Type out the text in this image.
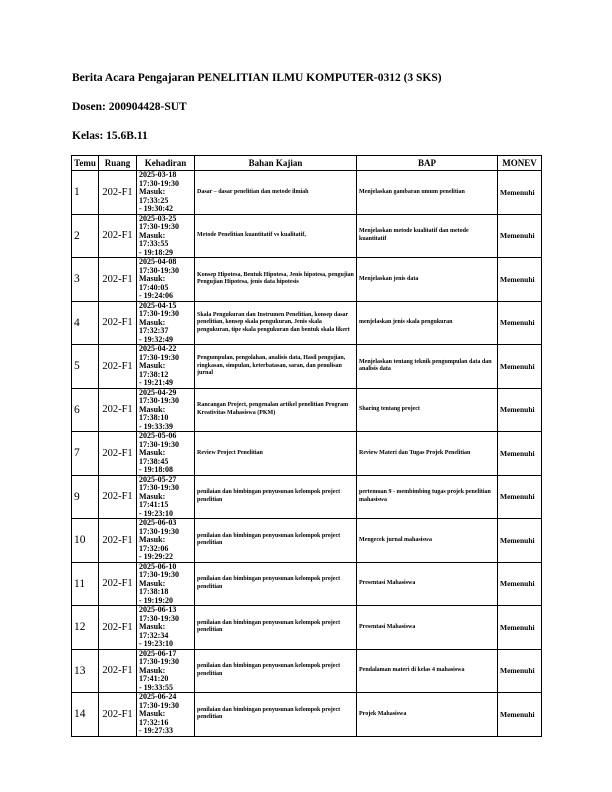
Berita Acara Pengajaran PENELITIAN ILMU KOMPUTER-0312 (3 SKS)

Dosen: 200904428-SUT

Kelas: 15.6B.11

Temu	Ruang	Kehadiran	Bahan Kajian	BAP	MONEV
1	202-F1	2025-03-18
17:30-19:30
Masuk: 17:33:25
- 19:30:42	Dasar – dasar penelitian dan metode ilmiah	Menjelaskan gambaran umum penelitian	Memenuhi
2	202-F1	2025-03-25
17:30-19:30
Masuk: 17:33:55
- 19:18:29	Metode Penelitian kuantitatif vs kualitatif,	Menjelaskan metode kualitatif dan metode kuantitatif	Memenuhi
3	202-F1	2025-04-08
17:30-19:30
Masuk: 17:40:05
- 19:24:06	Konsep Hipotesa, Bentuk Hipotesa, Jenis hipotesa, pengujian Pengujian Hipotesa, jenis data hipotesis	Menjelaskan jenis data	Memenuhi
4	202-F1	2025-04-15
17:30-19:30
Masuk: 17:32:37
- 19:32:49	Skala Pengukuran dan Instrumen Penelitian, konsep dasar penelitian, konsep skala pengukuran, Jenis skala pengukuran, tipe skala pengukuran dan bentuk skala likert	menjelaskan jenis skala pengukuran	Memenuhi
5	202-F1	2025-04-22
17:30-19:30
Masuk: 17:38:12
- 19:21:49	Pengumpulan, pengolahan, analisis data, Hasil pengujian, ringkasan, simpulan, keterbatasan, saran, dan penulisan jurnal	Menjelaskan tentang teknik pengumpulan data dan analisis data	Memenuhi
6	202-F1	2025-04-29
17:30-19:30
Masuk: 17:38:10
- 19:33:39	Rancangan Project, pengenalan artikel penelitian Program Kreativitas Mahasiswa (PKM)	Sharing tentang project	Memenuhi
7	202-F1	2025-05-06
17:30-19:30
Masuk: 17:38:45
- 19:18:08	Review Project Penelitian	Review Materi dan Tugas Projek Penelitian	Memenuhi
9	202-F1	2025-05-27
17:30-19:30
Masuk: 17:41:15
- 19:23:10	penilaian dan bimbingan penyusunan kelompok project penelitian	pertemuan 9 - membimbing tugas projek penelitian mahasiswa	Memenuhi
10	202-F1	2025-06-03
17:30-19:30
Masuk: 17:32:06
- 19:29:22	penilaian dan bimbingan penyusunan kelompok project penelitian	Mengecek jurnal mahasiswa	Memenuhi
11	202-F1	2025-06-10
17:30-19:30
Masuk: 17:38:18
- 19:19:20	penilaian dan bimbingan penyusunan kelompok project penelitian	Presentasi Mahasiswa	Memenuhi
12	202-F1	2025-06-13
17:30-19:30
Masuk: 17:32:34
- 19:23:10	penilaian dan bimbingan penyusunan kelompok project penelitian	Presentasi Mahasiswa	Memenuhi
13	202-F1	2025-06-17
17:30-19:30
Masuk: 17:41:20
- 19:33:55	penilaian dan bimbingan penyusunan kelompok project penelitian	Pendalaman materi di kelas 4 mahasiswa	Memenuhi
14	202-F1	2025-06-24
17:30-19:30
Masuk: 17:32:16
- 19:27:33	penilaian dan bimbingan penyusunan kelompok project penelitian	Projek Mahasiswa	Memenuhi
